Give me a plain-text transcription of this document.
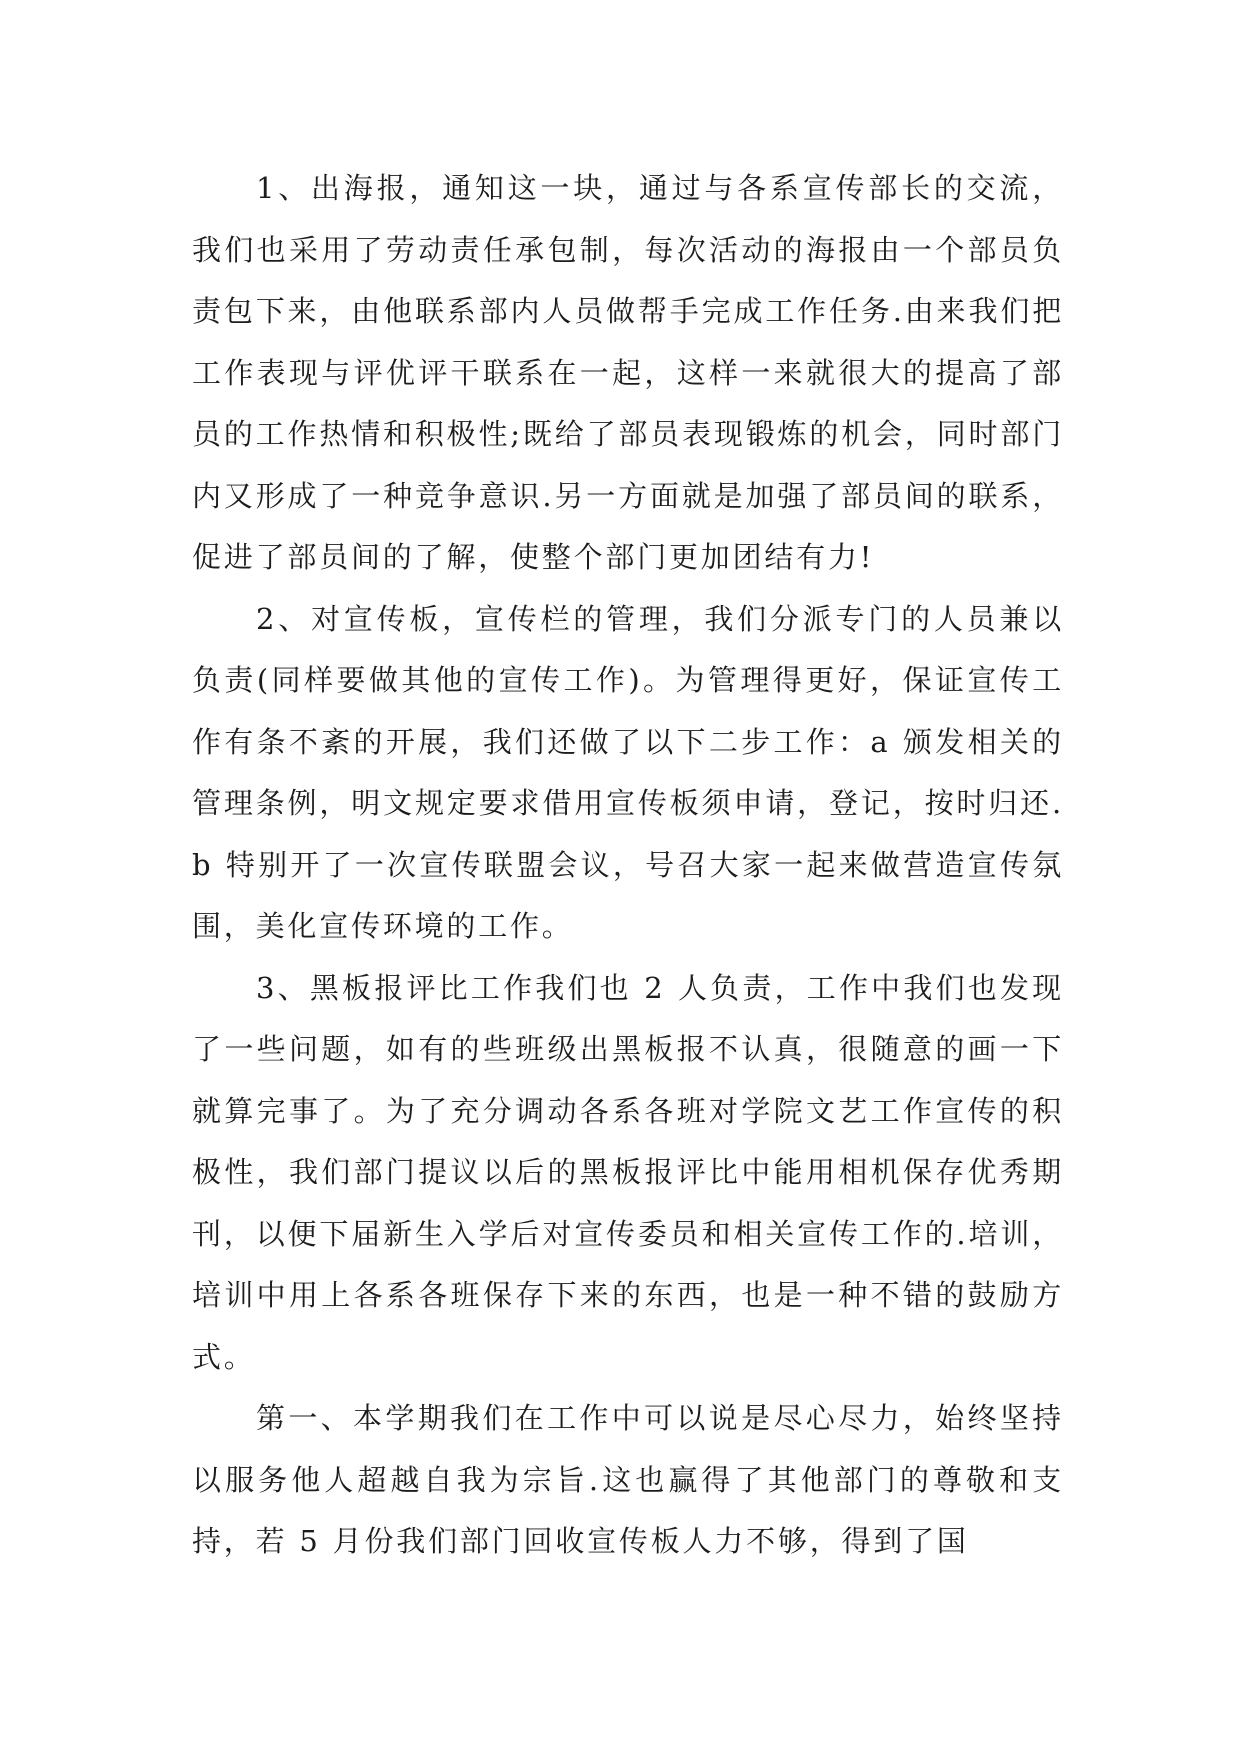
1、出海报，通知这一块，通过与各系宣传部长的交流，我们也采用了劳动责任承包制，每次活动的海报由一个部员负责包下来，由他联系部内人员做帮手完成工作任务.由来我们把工作表现与评优评干联系在一起，这样一来就很大的提高了部员的工作热情和积极性;既给了部员表现锻炼的机会，同时部门内又形成了一种竞争意识.另一方面就是加强了部员间的联系，促进了部员间的了解，使整个部门更加团结有力!

2、对宣传板，宣传栏的管理，我们分派专门的人员兼以负责(同样要做其他的宣传工作)。为管理得更好，保证宣传工作有条不紊的开展，我们还做了以下二步工作：a 颁发相关的管理条例，明文规定要求借用宣传板须申请，登记，按时归还.b 特别开了一次宣传联盟会议，号召大家一起来做营造宣传氛围，美化宣传环境的工作。

3、黑板报评比工作我们也 2 人负责，工作中我们也发现了一些问题，如有的些班级出黑板报不认真，很随意的画一下就算完事了。为了充分调动各系各班对学院文艺工作宣传的积极性，我们部门提议以后的黑板报评比中能用相机保存优秀期刊，以便下届新生入学后对宣传委员和相关宣传工作的.培训，培训中用上各系各班保存下来的东西，也是一种不错的鼓励方式。

第一、本学期我们在工作中可以说是尽心尽力，始终坚持以服务他人超越自我为宗旨.这也赢得了其他部门的尊敬和支持，若 5 月份我们部门回收宣传板人力不够，得到了国
